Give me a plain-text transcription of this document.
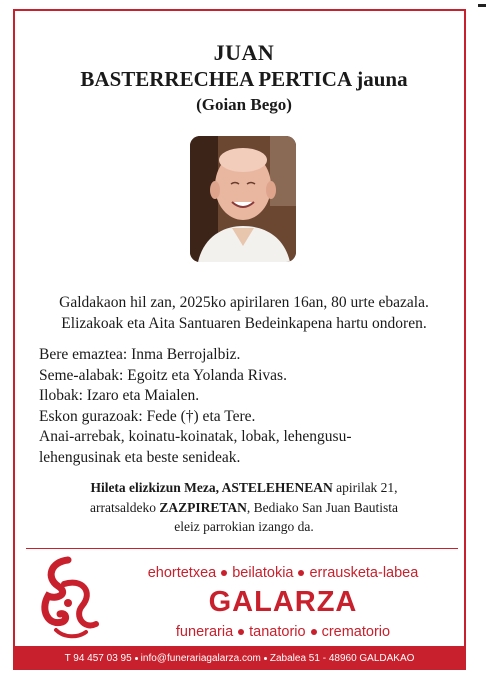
JUAN
BASTERRECHEA PERTICA jauna
(Goian Bego)
Galdakaon hil zan, 2025ko apirilaren 16an, 80 urte ebazala.
Elizakoak eta Aita Santuaren Bedeinkapena hartu ondoren.
Bere emaztea: Inma Berrojalbiz.
Seme-alabak: Egoitz eta Yolanda Rivas.
Ilobak: Izaro eta Maialen.
Eskon gurazoak: Fede (†) eta Tere.
Anai-arrebak, koinatu-koinatak, lobak, lehengusu-
lehengusinak eta beste senideak.
Hileta elizkizun Meza, ASTELEHENEAN apirilak 21,
arratsaldeko ZAZPIRETAN, Bediako San Juan Bautista
eleiz parrokian izango da.
ehortetxea beilatokia errausketa-labea
GALARZA
funeraria tanatorio crematorio
T 94 457 03 95 info@funerariagalarza.com Zabalea 51 - 48960 GALDAKAO
